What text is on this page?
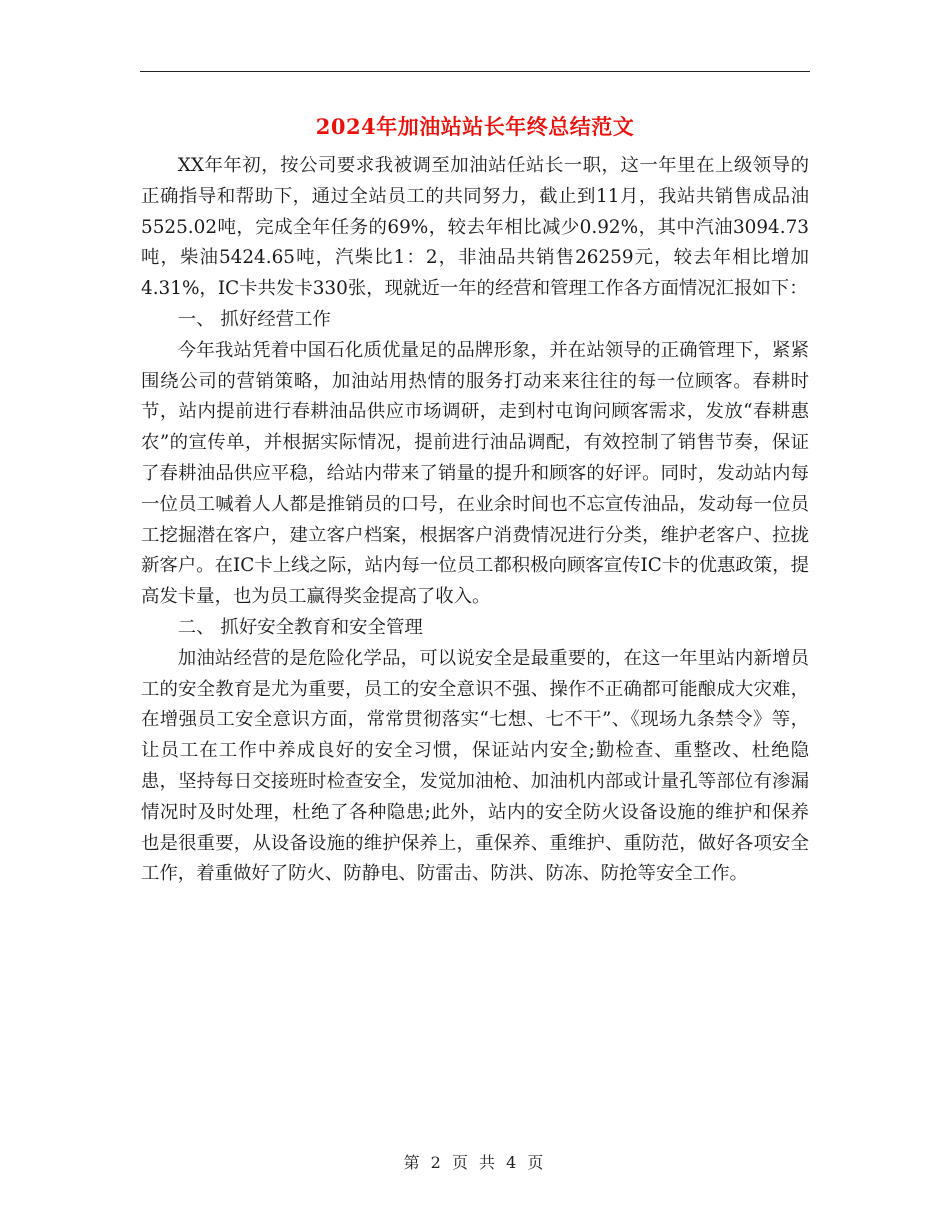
2024年加油站站长年终总结范文

XX年年初，按公司要求我被调至加油站任站长一职，这一年里在上级领导的正确指导和帮助下，通过全站员工的共同努力，截止到11月，我站共销售成品油5525.02吨，完成全年任务的69%，较去年相比减少0.92%，其中汽油3094.73吨，柴油5424.65吨，汽柴比1：2，非油品共销售26259元，较去年相比增加4.31%，IC卡共发卡330张，现就近一年的经营和管理工作各方面情况汇报如下：

一、 抓好经营工作

今年我站凭着中国石化质优量足的品牌形象，并在站领导的正确管理下，紧紧围绕公司的营销策略，加油站用热情的服务打动来来往往的每一位顾客。春耕时节，站内提前进行春耕油品供应市场调研，走到村屯询问顾客需求，发放“春耕惠农”的宣传单，并根据实际情况，提前进行油品调配，有效控制了销售节奏，保证了春耕油品供应平稳，给站内带来了销量的提升和顾客的好评。同时，发动站内每一位员工喊着人人都是推销员的口号，在业余时间也不忘宣传油品，发动每一位员工挖掘潜在客户，建立客户档案，根据客户消费情况进行分类，维护老客户、拉拢新客户。在IC卡上线之际，站内每一位员工都积极向顾客宣传IC卡的优惠政策，提高发卡量，也为员工赢得奖金提高了收入。

二、 抓好安全教育和安全管理

加油站经营的是危险化学品，可以说安全是最重要的，在这一年里站内新增员工的安全教育是尤为重要，员工的安全意识不强、操作不正确都可能酿成大灾难，在增强员工安全意识方面，常常贯彻落实“七想、七不干”、《现场九条禁令》等，让员工在工作中养成良好的安全习惯，保证站内安全;勤检查、重整改、杜绝隐患，坚持每日交接班时检查安全，发觉加油枪、加油机内部或计量孔等部位有渗漏情况时及时处理，杜绝了各种隐患;此外，站内的安全防火设备设施的维护和保养也是很重要，从设备设施的维护保养上，重保养、重维护、重防范，做好各项安全工作，着重做好了防火、防静电、防雷击、防洪、防冻、防抢等安全工作。

第 2 页 共 4 页
